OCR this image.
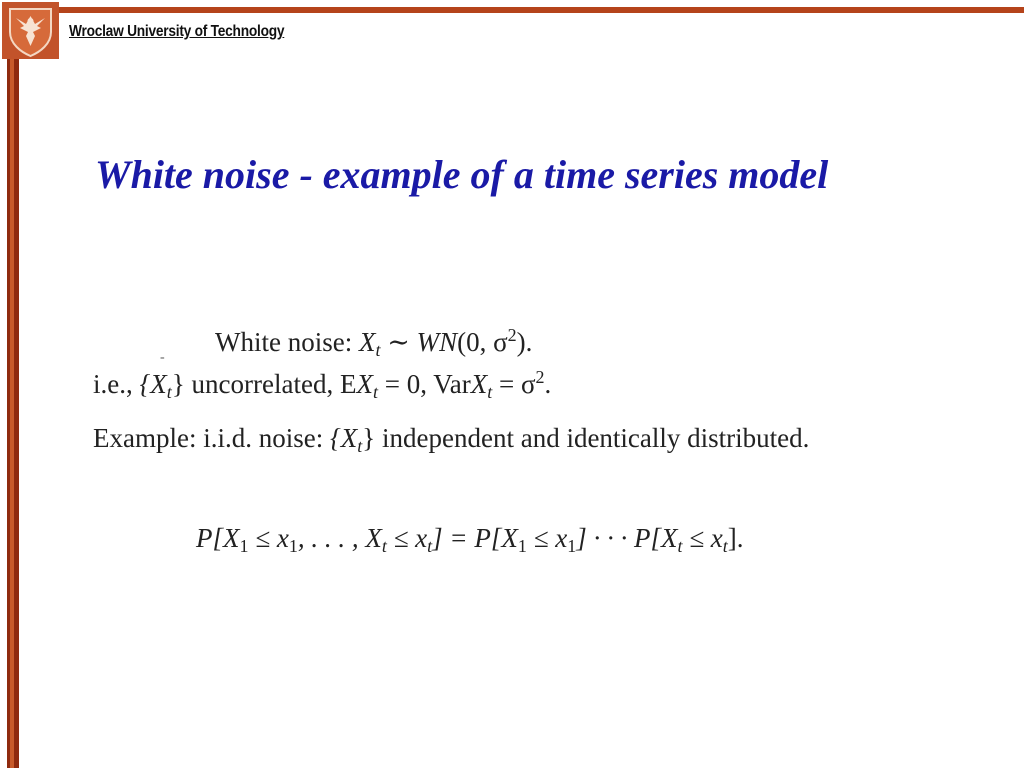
Wroclaw University of Technology
White noise - example of a time series model
-
White noise: $X_t$ ∼ WN(0, $\sigma^2$).
i.e., $\{X_t\}$ uncorrelated, $EX_t = 0$, VarX$_t$ = $\sigma^2$.
Example: i.i.d. noise: $\{X_t\}$ independent and identically distributed.
$P[X_1 \le x_1$, . . . , $X_t \le x_t] = P[X_1 \le x_1]$ · · · $P[X_t \le x_t]$.
